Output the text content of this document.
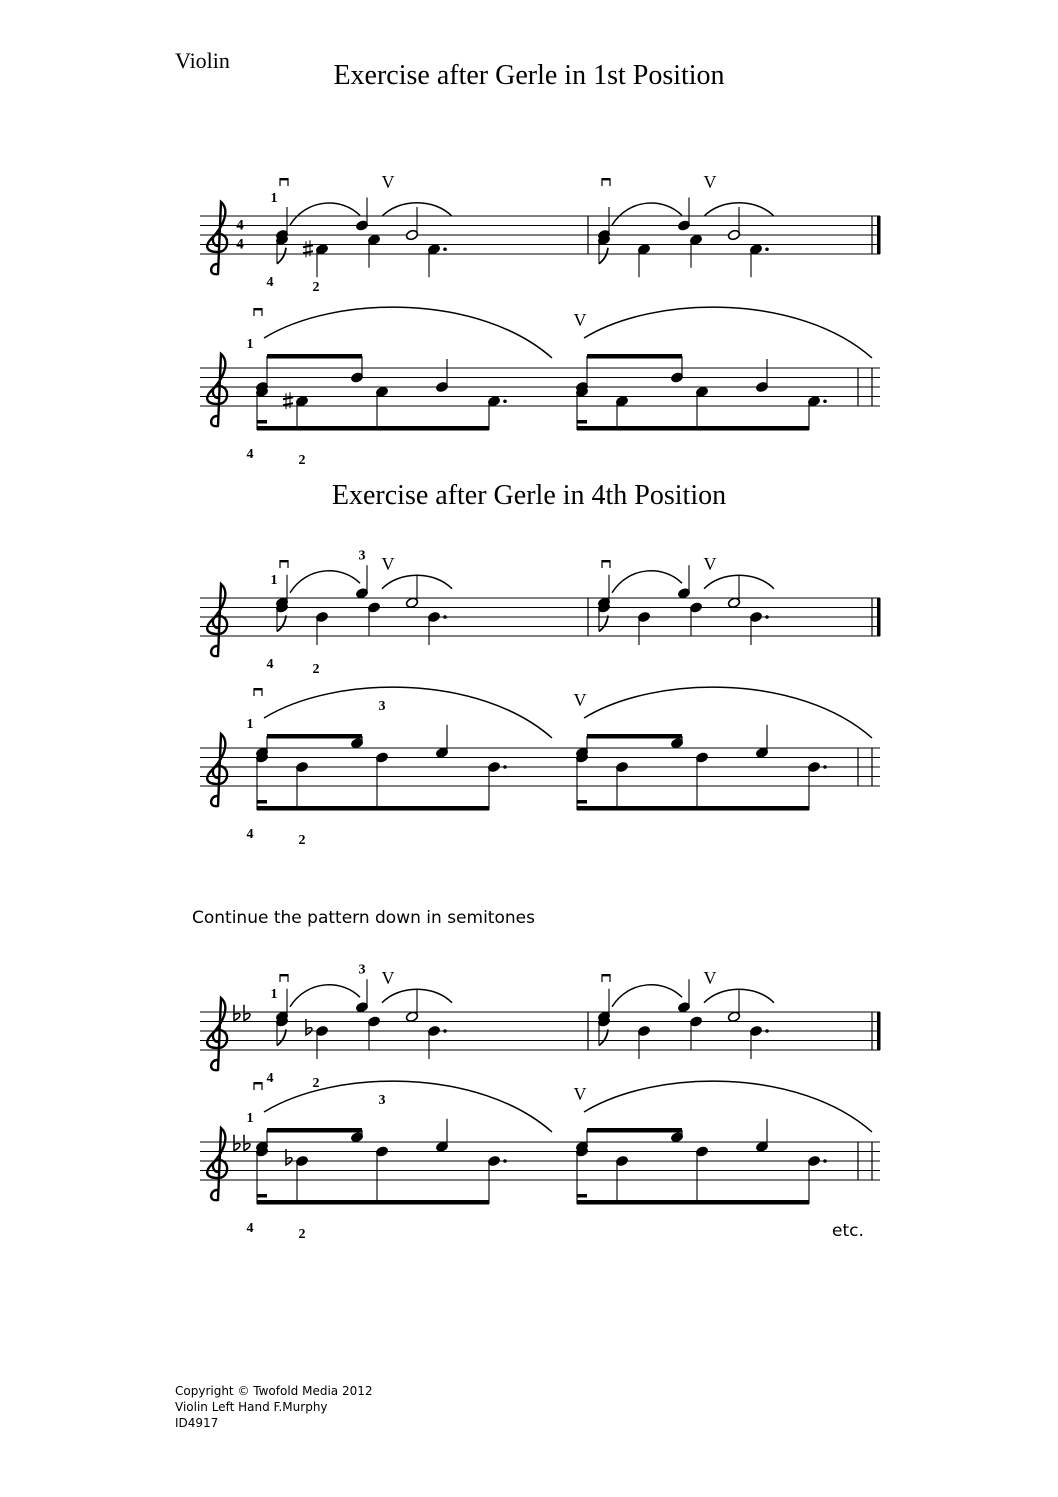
Violin	Exercise after Gerle in 1st Position
Exercise after Gerle in 4th Position
Continue the pattern down in semitones
etc.
Copyright © Twofold Media 2012
Violin Left Hand F.Murphy
ID4917
4
4
V
1
4	2
V
1
4	2
V
V
1
4	2
3	V
1
4	2
3	V
V
1
4	2
3	V
1
4	2
3	V
